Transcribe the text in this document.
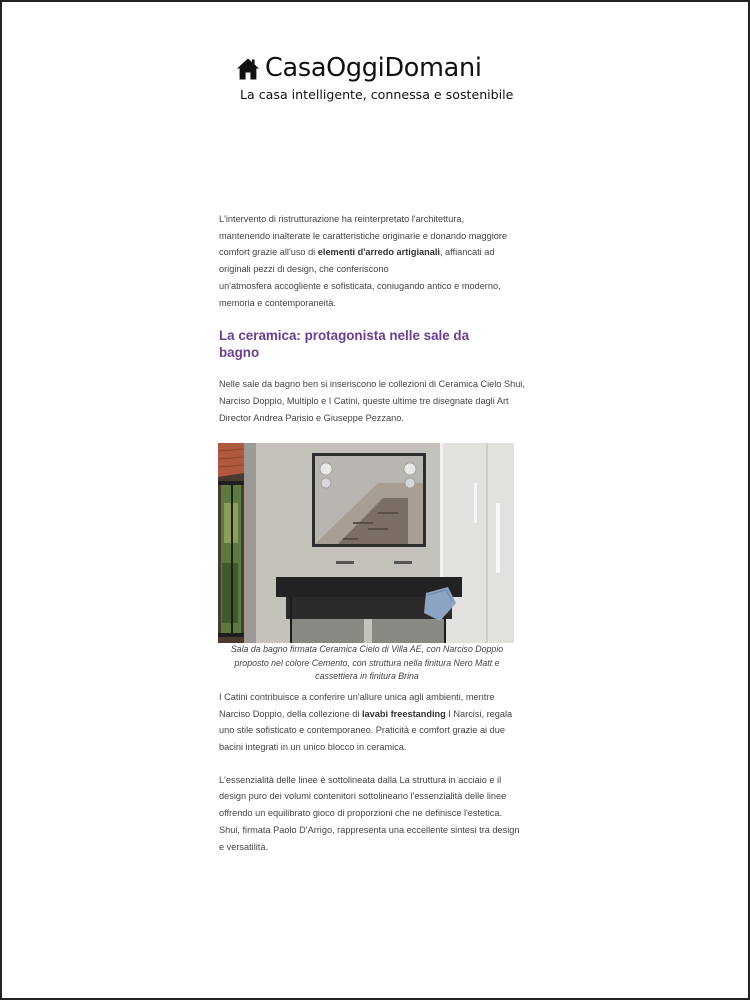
CasaOggiDomani
La casa intelligente, connessa e sostenibile

L'intervento di ristrutturazione ha reinterpretato l'architettura,
mantenendo inalterate le caratteristiche originarie e donando maggiore
comfort grazie all'uso di elementi d'arredo artigianali, affiancati ad
originali pezzi di design, che conferiscono
un'atmosfera accogliente e sofisticata, coniugando antico e moderno,
memoria e contemporaneità.

La ceramica: protagonista nelle sale da
bagno

Nelle sale da bagno ben si inseriscono le collezioni di Ceramica Cielo Shui,
Narciso Doppio, Multiplo e I Catini, queste ultime tre disegnate dagli Art
Director Andrea Parisio e Giuseppe Pezzano.

Sala da bagno firmata Ceramica Cielo di Villa AE, con Narciso Doppio
proposto nel colore Cemento, con struttura nella finitura Nero Matt e
cassettiera in finitura Brina

I Catini contribuisce a conferire un'allure unica agli ambienti, mentre
Narciso Doppio, della collezione di lavabi freestanding I Narcisi, regala
uno stile sofisticato e contemporaneo. Praticità e comfort grazie ai due
bacini integrati in un unico blocco in ceramica.

L'essenzialità delle linee è sottolineata dalla La struttura in acciaio e il
design puro dei volumi contenitori sottolineano l'essenzialità delle linee
offrendo un equilibrato gioco di proporzioni che ne definisce l'estetica.
Shui, firmata Paolo D'Arrigo, rappresenta una eccellente sintesi tra design
e versatilità.
